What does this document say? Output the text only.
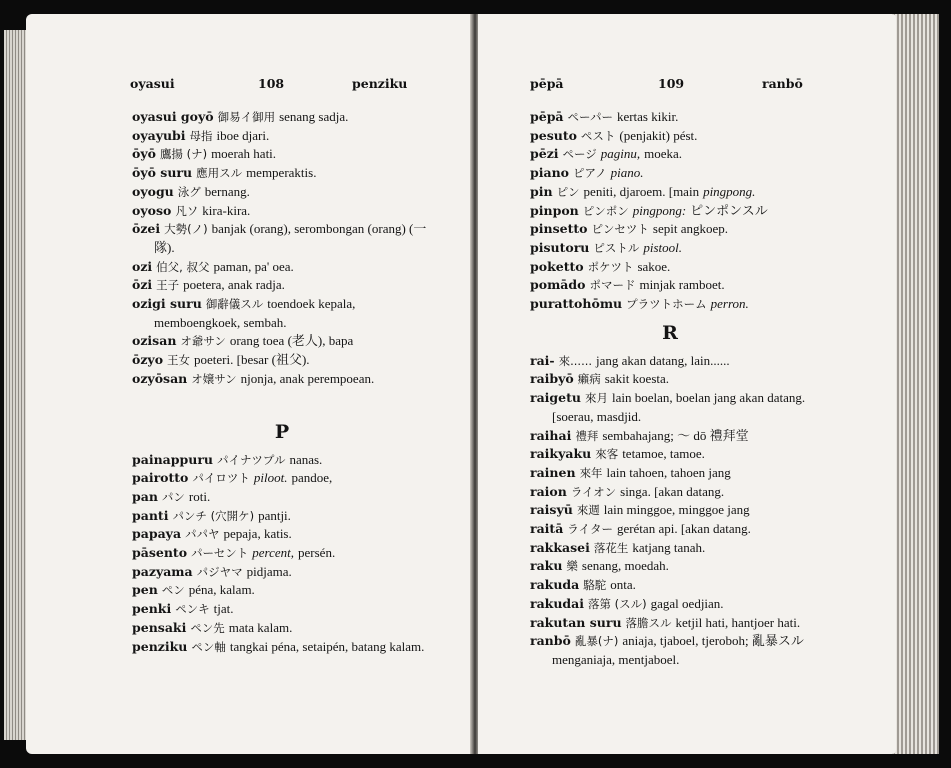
oyasui	108	penziku

oyasui goyō 御易イ御用 senang sadja.

oyayubi 母指 iboe djari.

ōyō 鷹揚 (ナ) moerah hati.

ōyō suru 應用スル memperaktis.

oyogu 泳グ bernang.

oyoso 凡ソ kira-kira.

ōzei 大勢(ノ) banjak (orang), serombongan (orang) (一隊).

ozi 伯父, 叔父 paman, pa' oea.

ōzi 王子 poetera, anak radja.

ozigi suru 御辭儀スル toendoek kepala, memboengkoek, sembah.

ozisan オ爺サン orang toea (老人), bapa

ōzyo 王女 poeteri. [besar (祖父).

ozyōsan オ嬢サン njonja, anak perempoean.

P

painappuru パイナツプル nanas.

pairotto パイロツト piloot. pandoe,

pan パン roti.

panti パンチ (穴開ケ) pantji.

papaya パパヤ pepaja, katis.

pāsento パーセント percent, persén.

pazyama パジヤマ pidjama.

pen ペン péna, kalam.

penki ペンキ tjat.

pensaki ペン先 mata kalam.

penziku ペン軸 tangkai péna, setaipén, batang kalam.

pēpā	109	ranbō

pēpā ペーパー kertas kikir.

pesuto ペスト (penjakit) pést.

pēzi ページ paginu, moeka.

piano ピアノ piano.

pin ピン peniti, djaroem. [main pingpong.

pinpon ピンポン pingpong: ピンポンスル

pinsetto ピンセツト sepit angkoep.

pisutoru ピストル pistool.

poketto ポケツト sakoe.

pomādo ポマード minjak ramboet.

purattohōmu プラツトホーム perron.

R

rai- 來...... jang akan datang, lain......

raibyō 癩病 sakit koesta.

raigetu 來月 lain boelan, boelan jang akan datang. [soerau, masdjid.

raihai 禮拜 sembahajang; ～ dō 禮拜堂

raikyaku 來客 tetamoe, tamoe.

rainen 來年 lain tahoen, tahoen jang

raion ライオン singa. [akan datang.

raisyū 來週 lain minggoe, minggoe jang

raitā ライター gerétan api. [akan datang.

rakkasei 落花生 katjang tanah.

raku 樂 senang, moedah.

rakuda 駱駝 onta.

rakudai 落第 (スル) gagal oedjian.

rakutan suru 落膽スル ketjil hati, hantjoer hati.

ranbō 亂暴(ナ) aniaja, tjaboel, tjeroboh; 亂暴スル menganiaja, mentjaboel.
